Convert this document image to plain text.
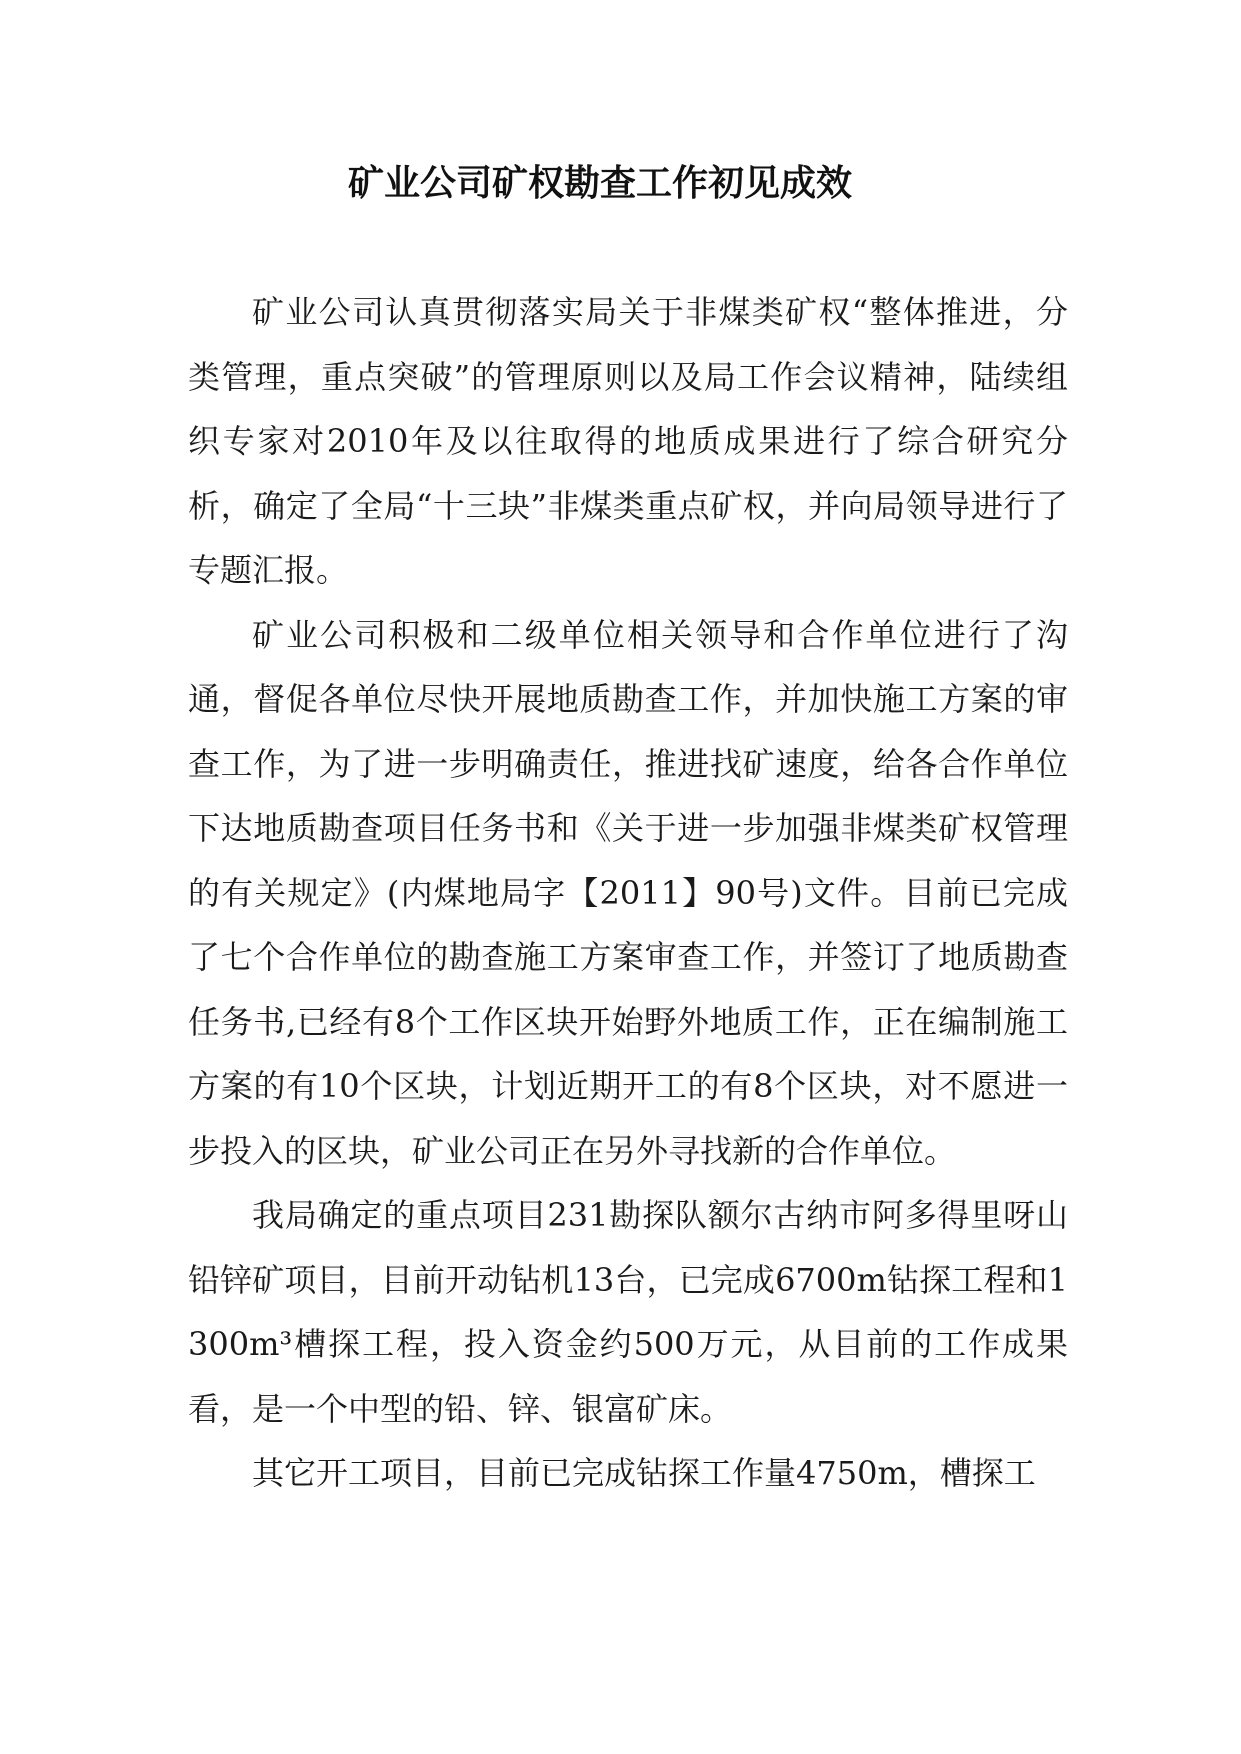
矿业公司矿权勘查工作初见成效

矿业公司认真贯彻落实局关于非煤类矿权“整体推进，分类管理，重点突破”的管理原则以及局工作会议精神，陆续组织专家对2010年及以往取得的地质成果进行了综合研究分析，确定了全局“十三块”非煤类重点矿权，并向局领导进行了专题汇报。

矿业公司积极和二级单位相关领导和合作单位进行了沟通，督促各单位尽快开展地质勘查工作，并加快施工方案的审查工作，为了进一步明确责任，推进找矿速度，给各合作单位下达地质勘查项目任务书和《关于进一步加强非煤类矿权管理的有关规定》(内煤地局字【2011】90号)文件。目前已完成了七个合作单位的勘查施工方案审查工作，并签订了地质勘查任务书,已经有8个工作区块开始野外地质工作，正在编制施工方案的有10个区块，计划近期开工的有8个区块，对不愿进一步投入的区块，矿业公司正在另外寻找新的合作单位。

我局确定的重点项目231勘探队额尔古纳市阿多得里呀山铅锌矿项目，目前开动钻机13台，已完成6700m钻探工程和1300m³槽探工程，投入资金约500万元，从目前的工作成果看，是一个中型的铅、锌、银富矿床。

其它开工项目，目前已完成钻探工作量4750m，槽探工
